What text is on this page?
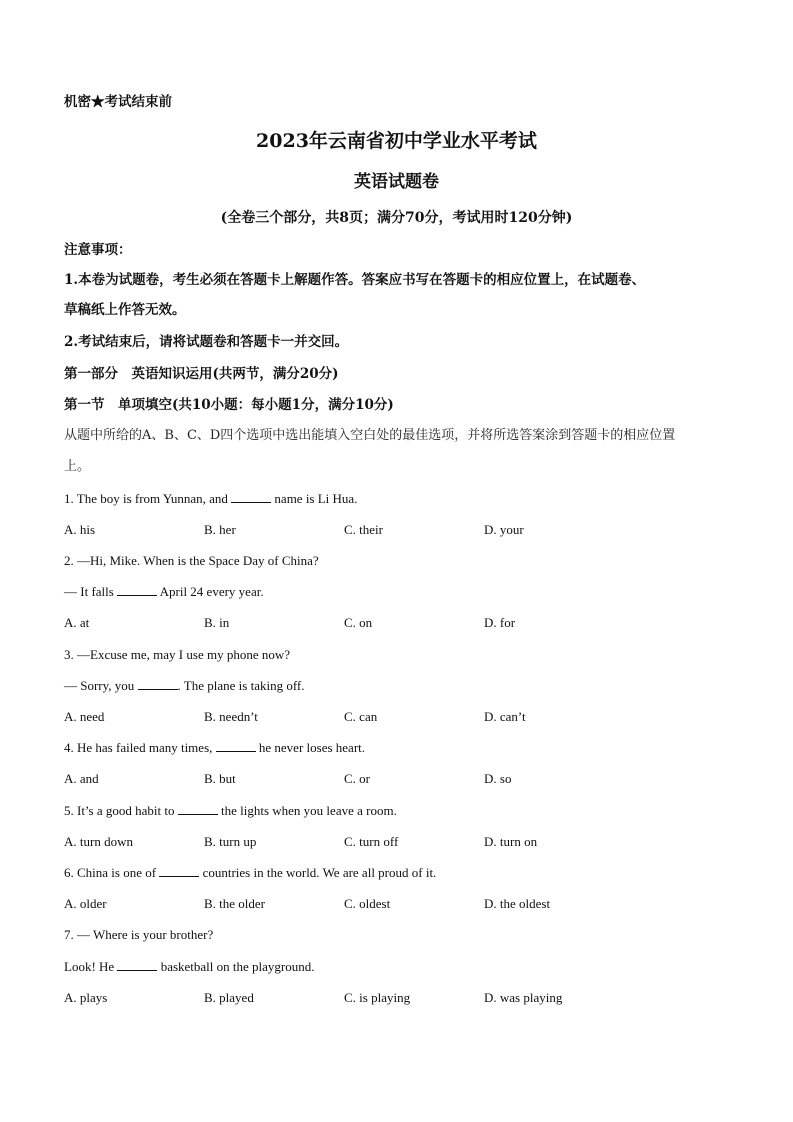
机密★考试结束前
2023年云南省初中学业水平考试
英语试题卷
(全卷三个部分，共8页；满分70分，考试用时120分钟)
注意事项：
1.本卷为试题卷，考生必须在答题卡上解题作答。答案应书写在答题卡的相应位置上，在试题卷、
草稿纸上作答无效。
2.考试结束后，请将试题卷和答题卡一并交回。
第一部分　英语知识运用(共两节，满分20分)
第一节　单项填空(共10小题：每小题1分，满分10分)
从题中所给的A、B、C、D四个选项中选出能填入空白处的最佳选项，并将所选答案涂到答题卡的相应位置
上。
1. The boy is from Yunnan, and	name is Li Hua.
A. his	B. her	C. their	D. your
2. —Hi, Mike. When is the Space Day of China?
— It falls	April 24 every year.
A. at	B. in	C. on	D. for
3. —Excuse me, may I use my phone now?
— Sorry, you	. The plane is taking off.
A. need	B. needn’t	C. can	D. can’t
4. He has failed many times,	he never loses heart.
A. and	B. but	C. or	D. so
5. It’s a good habit to	the lights when you leave a room.
A. turn down	B. turn up	C. turn off	D. turn on
6. China is one of	countries in the world. We are all proud of it.
A. older	B. the older	C. oldest	D. the oldest
7. — Where is your brother?
Look! He	basketball on the playground.
A. plays	B. played	C. is playing	D. was playing
